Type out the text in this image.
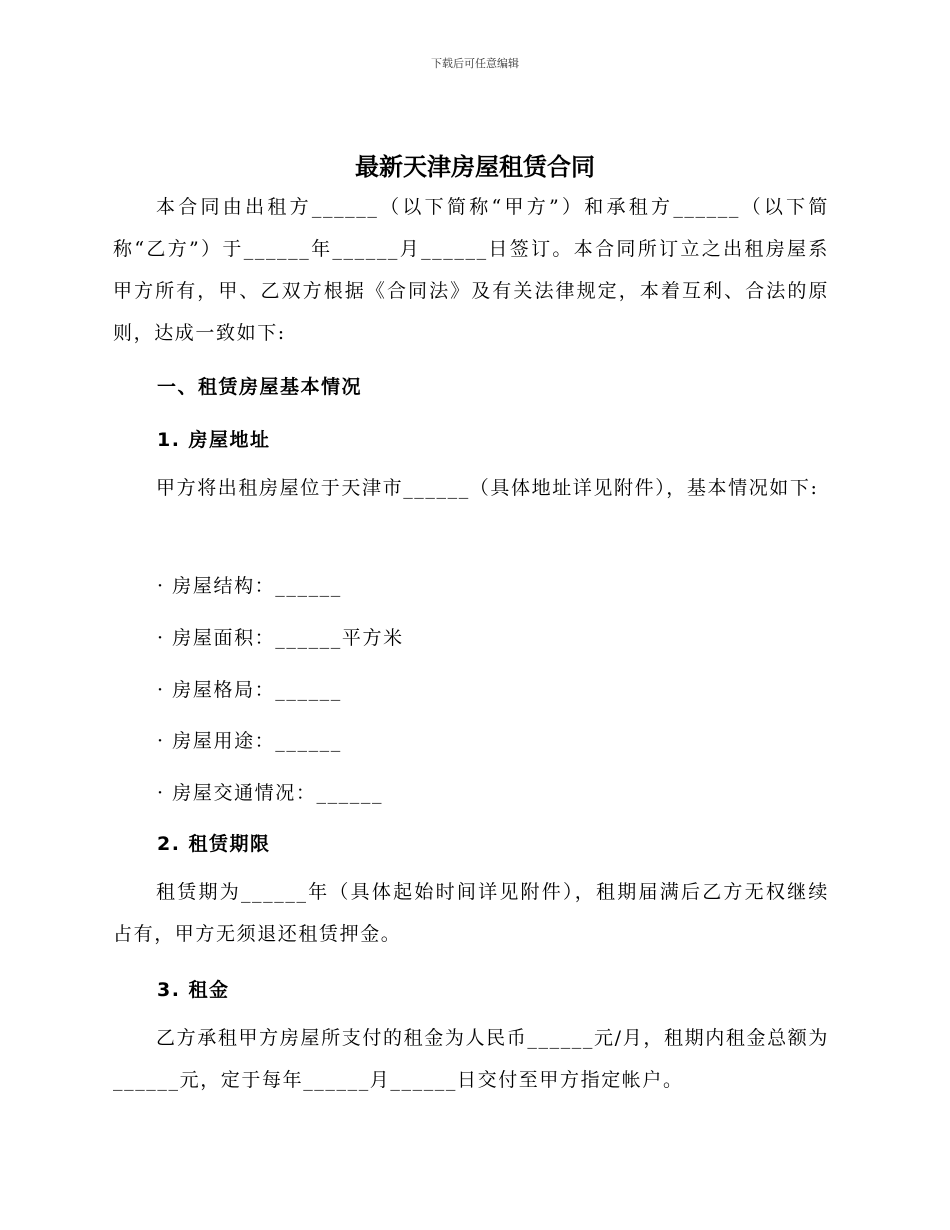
下载后可任意编辑
最新天津房屋租赁合同
本合同由出租方______（以下简称“甲方”）和承租方______（以下简称“乙方”）于______年______月______日签订。本合同所订立之出租房屋系甲方所有，甲、乙双方根据《合同法》及有关法律规定，本着互利、合法的原则，达成一致如下:
一、租赁房屋基本情况
1. 房屋地址
甲方将出租房屋位于天津市______（具体地址详见附件），基本情况如下:
· 房屋结构：______
· 房屋面积：______平方米
· 房屋格局：______
· 房屋用途：______
· 房屋交通情况：______
2. 租赁期限
租赁期为______年（具体起始时间详见附件），租期届满后乙方无权继续占有，甲方无须退还租赁押金。
3. 租金
乙方承租甲方房屋所支付的租金为人民币______元/月，租期内租金总额为______元，定于每年______月______日交付至甲方指定帐户。
